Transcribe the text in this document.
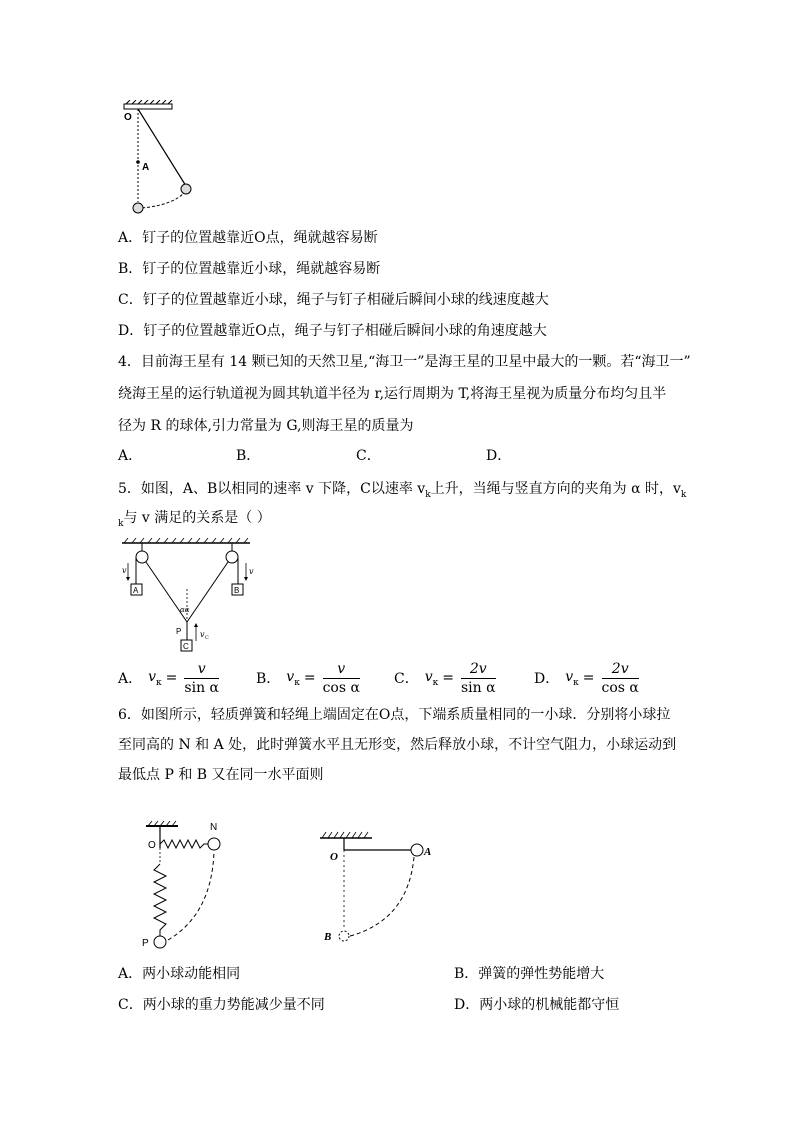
O
A
A．钉子的位置越靠近O点，绳就越容易断
B．钉子的位置越靠近小球，绳就越容易断
C．钉子的位置越靠近小球，绳子与钉子相碰后瞬间小球的线速度越大
D．钉子的位置越靠近O点，绳子与钉子相碰后瞬间小球的角速度越大
4．目前海王星有 14 颗已知的天然卫星,“海卫一”是海王星的卫星中最大的一颗。若“海卫一”
绕海王星的运行轨道视为圆其轨道半径为 r,运行周期为 T,将海王星视为质量分布均匀且半
径为 R 的球体,引力常量为 G,则海王星的质量为
A．	B．	C．	D．
5．如图，A、B以相同的速率 v 下降，C以速率 $v_k$上升，当绳与竖直方向的夹角为 α 时，$v_k$
$_k$与 v 满足的关系是（ ）
A	B
v	v
αα
C
P v C
A． $v_\kappa = \frac{v}{\text{sin α}}$	B． $v_\kappa = \frac{v}{\text{cos α}}$ C． $v_\kappa = \frac{2v}{\text{sin α}}$	D． $v_\kappa = \frac{2v}{\text{cos α}}$
6．如图所示，轻质弹簧和轻绳上端固定在O点，下端系质量相同的一小球．分别将小球拉
至同高的 N 和 A 处，此时弹簧水平且无形变，然后释放小球，不计空气阻力，小球运动到
最低点 P 和 B 又在同一水平面则
N
O
P
A
O
B
A．两小球动能相同	B．弹簧的弹性势能增大
C．两小球的重力势能减少量不同	D．两小球的机械能都守恒
